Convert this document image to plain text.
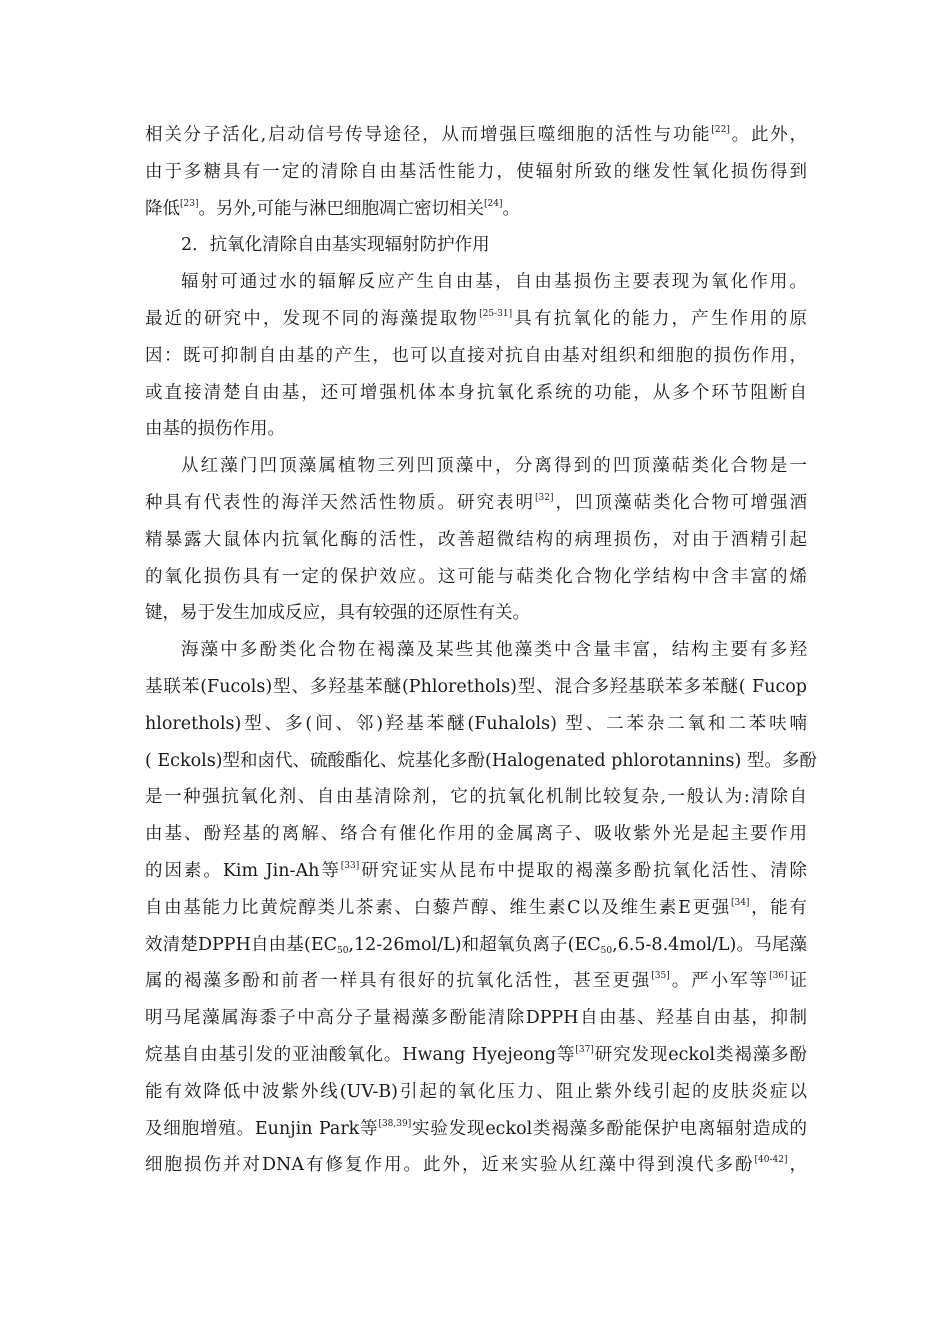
相关分子活化,启动信号传导途径，从而增强巨噬细胞的活性与功能[22]。此外，
由于多糖具有一定的清除自由基活性能力，使辐射所致的继发性氧化损伤得到
降低[23]。另外,可能与淋巴细胞凋亡密切相关[24]。
2．抗氧化清除自由基实现辐射防护作用
辐射可通过水的辐解反应产生自由基，自由基损伤主要表现为氧化作用。
最近的研究中，发现不同的海藻提取物[25-31]具有抗氧化的能力，产生作用的原
因：既可抑制自由基的产生，也可以直接对抗自由基对组织和细胞的损伤作用，
或直接清楚自由基，还可增强机体本身抗氧化系统的功能，从多个环节阻断自
由基的损伤作用。
从红藻门凹顶藻属植物三列凹顶藻中，分离得到的凹顶藻萜类化合物是一
种具有代表性的海洋天然活性物质。研究表明[32]，凹顶藻萜类化合物可增强酒
精暴露大鼠体内抗氧化酶的活性，改善超微结构的病理损伤，对由于酒精引起
的氧化损伤具有一定的保护效应。这可能与萜类化合物化学结构中含丰富的烯
键，易于发生加成反应，具有较强的还原性有关。
海藻中多酚类化合物在褐藻及某些其他藻类中含量丰富，结构主要有多羟
基联苯(Fucols)型、多羟基苯醚(Phlorethols)型、混合多羟基联苯多苯醚( Fucop
hlorethols)型、多(间、邻)羟基苯醚(Fuhalols) 型、二苯杂二氧和二苯呋喃
( Eckols)型和卤代、硫酸酯化、烷基化多酚(Halogenated phlorotannins) 型。多酚
是一种强抗氧化剂、自由基清除剂，它的抗氧化机制比较复杂,一般认为:清除自
由基、酚羟基的离解、络合有催化作用的金属离子、吸收紫外光是起主要作用
的因素。Kim Jin-Ah等[33]研究证实从昆布中提取的褐藻多酚抗氧化活性、清除
自由基能力比黄烷醇类儿茶素、白藜芦醇、维生素C以及维生素E更强[34]，能有
效清楚DPPH自由基$(EC_{50},12-26mol/L)$和超氧负离子$(EC_{50},6.5-8.4mol/L)$。马尾藻
属的褐藻多酚和前者一样具有很好的抗氧化活性，甚至更强[35]。严小军等[36]证
明马尾藻属海黍子中高分子量褐藻多酚能清除DPPH自由基、羟基自由基，抑制
烷基自由基引发的亚油酸氧化。Hwang Hyejeong等[37]研究发现eckol类褐藻多酚
能有效降低中波紫外线(UV-B)引起的氧化压力、阻止紫外线引起的皮肤炎症以
及细胞增殖。Eunjin Park等[38,39]实验发现eckol类褐藻多酚能保护电离辐射造成的
细胞损伤并对DNA有修复作用。此外，近来实验从红藻中得到溴代多酚[40-42]，
